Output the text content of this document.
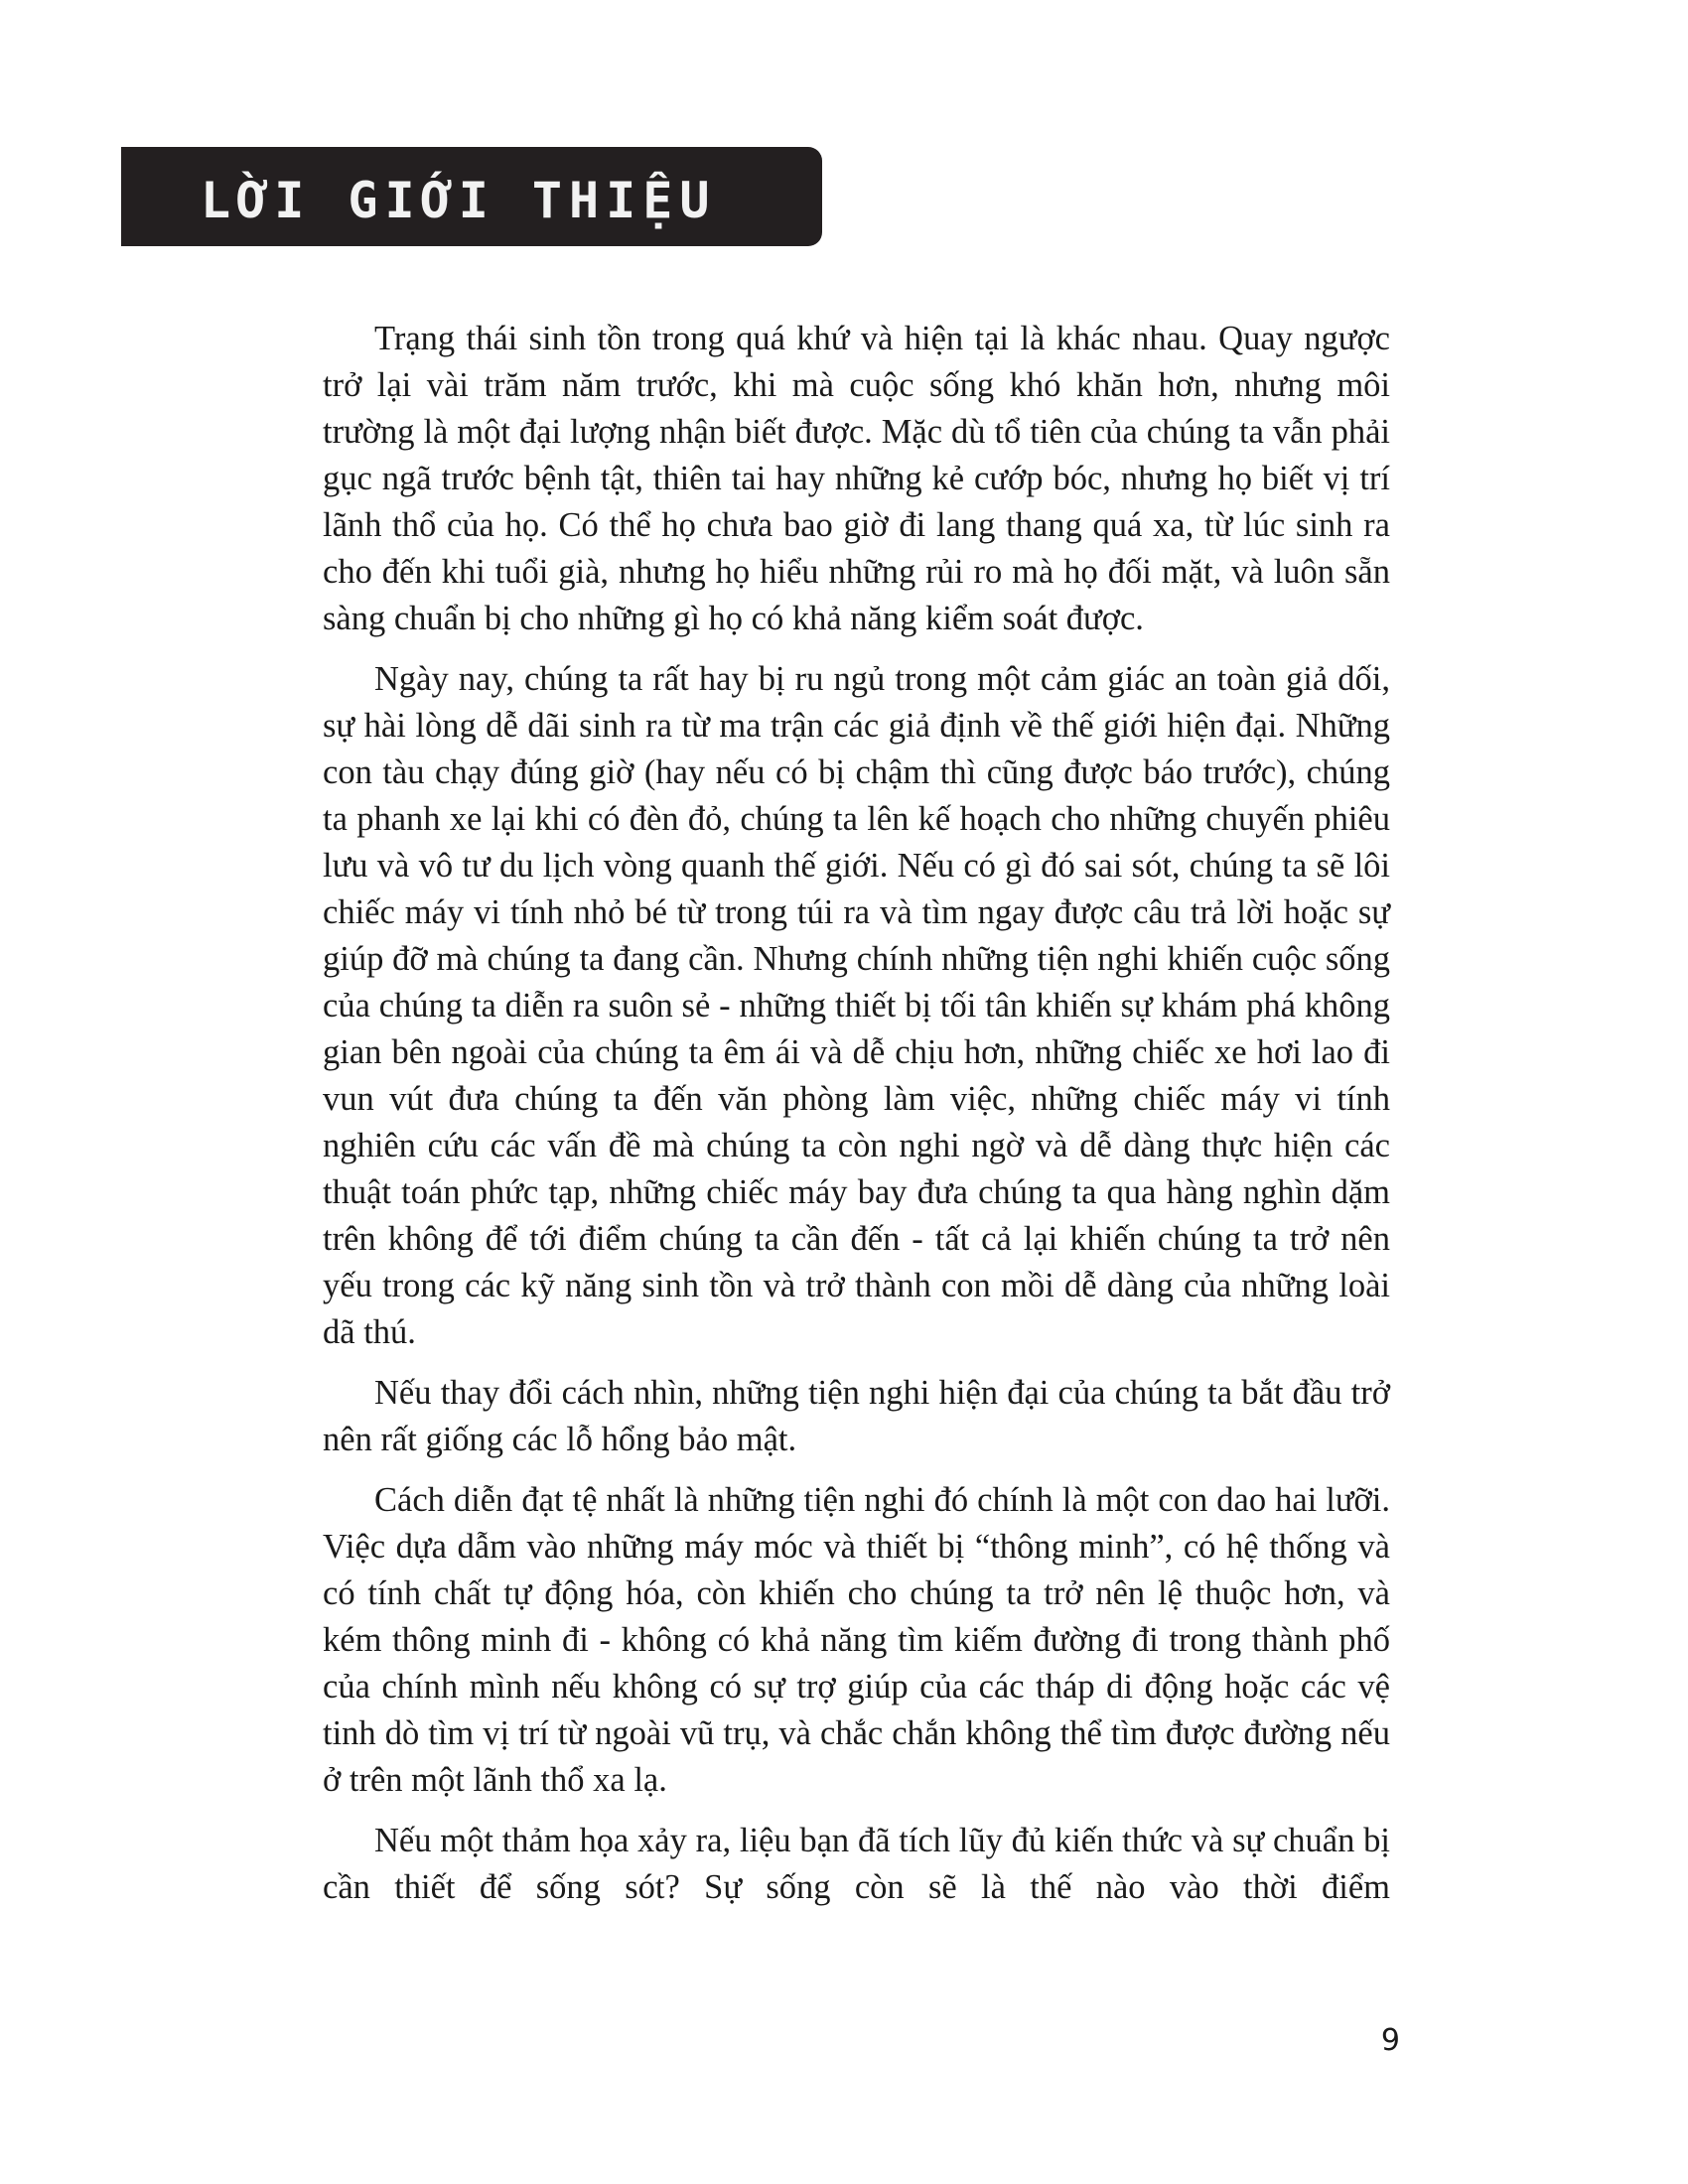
LỜI GIỚI THIỆU

Trạng thái sinh tồn trong quá khứ và hiện tại là khác nhau. Quay ngược trở lại vài trăm năm trước, khi mà cuộc sống khó khăn hơn, nhưng môi trường là một đại lượng nhận biết được. Mặc dù tổ tiên của chúng ta vẫn phải gục ngã trước bệnh tật, thiên tai hay những kẻ cướp bóc, nhưng họ biết vị trí lãnh thổ của họ. Có thể họ chưa bao giờ đi lang thang quá xa, từ lúc sinh ra cho đến khi tuổi già, nhưng họ hiểu những rủi ro mà họ đối mặt, và luôn sẵn sàng chuẩn bị cho những gì họ có khả năng kiểm soát được.

Ngày nay, chúng ta rất hay bị ru ngủ trong một cảm giác an toàn giả dối, sự hài lòng dễ dãi sinh ra từ ma trận các giả định về thế giới hiện đại. Những con tàu chạy đúng giờ (hay nếu có bị chậm thì cũng được báo trước), chúng ta phanh xe lại khi có đèn đỏ, chúng ta lên kế hoạch cho những chuyến phiêu lưu và vô tư du lịch vòng quanh thế giới. Nếu có gì đó sai sót, chúng ta sẽ lôi chiếc máy vi tính nhỏ bé từ trong túi ra và tìm ngay được câu trả lời hoặc sự giúp đỡ mà chúng ta đang cần. Nhưng chính những tiện nghi khiến cuộc sống của chúng ta diễn ra suôn sẻ - những thiết bị tối tân khiến sự khám phá không gian bên ngoài của chúng ta êm ái và dễ chịu hơn, những chiếc xe hơi lao đi vun vút đưa chúng ta đến văn phòng làm việc, những chiếc máy vi tính nghiên cứu các vấn đề mà chúng ta còn nghi ngờ và dễ dàng thực hiện các thuật toán phức tạp, những chiếc máy bay đưa chúng ta qua hàng nghìn dặm trên không để tới điểm chúng ta cần đến - tất cả lại khiến chúng ta trở nên yếu trong các kỹ năng sinh tồn và trở thành con mồi dễ dàng của những loài dã thú.

Nếu thay đổi cách nhìn, những tiện nghi hiện đại của chúng ta bắt đầu trở nên rất giống các lỗ hổng bảo mật.

Cách diễn đạt tệ nhất là những tiện nghi đó chính là một con dao hai lưỡi. Việc dựa dẫm vào những máy móc và thiết bị “thông minh”, có hệ thống và có tính chất tự động hóa, còn khiến cho chúng ta trở nên lệ thuộc hơn, và kém thông minh đi - không có khả năng tìm kiếm đường đi trong thành phố của chính mình nếu không có sự trợ giúp của các tháp di động hoặc các vệ tinh dò tìm vị trí từ ngoài vũ trụ, và chắc chắn không thể tìm được đường nếu ở trên một lãnh thổ xa lạ.

Nếu một thảm họa xảy ra, liệu bạn đã tích lũy đủ kiến thức và sự chuẩn bị cần thiết để sống sót? Sự sống còn sẽ là thế nào vào thời điểm

9
